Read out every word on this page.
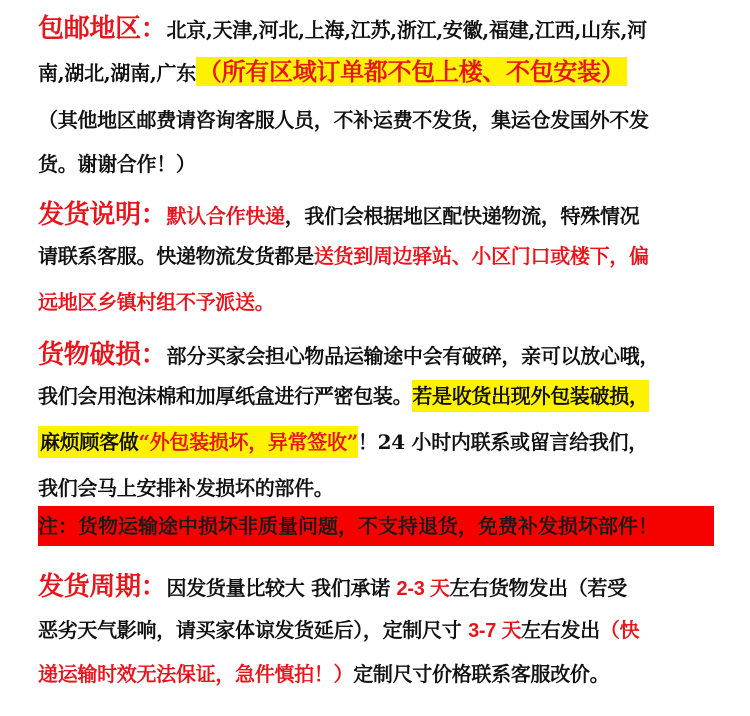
包邮地区：北京,天津,河北,上海,江苏,浙江,安徽,福建,江西,山东,河
南,湖北,湖南,广东（所有区域订单都不包上楼、不包安装）
（其他地区邮费请咨询客服人员，不补运费不发货，集运仓发国外不发
货。谢谢合作！）
发货说明：默认合作快递，我们会根据地区配快递物流，特殊情况
请联系客服。快递物流发货都是送货到周边驿站、小区门口或楼下，偏
远地区乡镇村组不予派送。
货物破损：部分买家会担心物品运输途中会有破碎，亲可以放心哦，
我们会用泡沫棉和加厚纸盒进行严密包装。若是收货出现外包装破损，
麻烦顾客做“外包装损坏，异常签收”！24 小时内联系或留言给我们，
我们会马上安排补发损坏的部件。
注：货物运输途中损坏非质量问题，不支持退货，免费补发损坏部件！
发货周期：因发货量比较大 我们承诺 2-3 天左右货物发出（若受
恶劣天气影响，请买家体谅发货延后），定制尺寸 3-7 天左右发出（快
递运输时效无法保证，急件慎拍！）定制尺寸价格联系客服改价。
